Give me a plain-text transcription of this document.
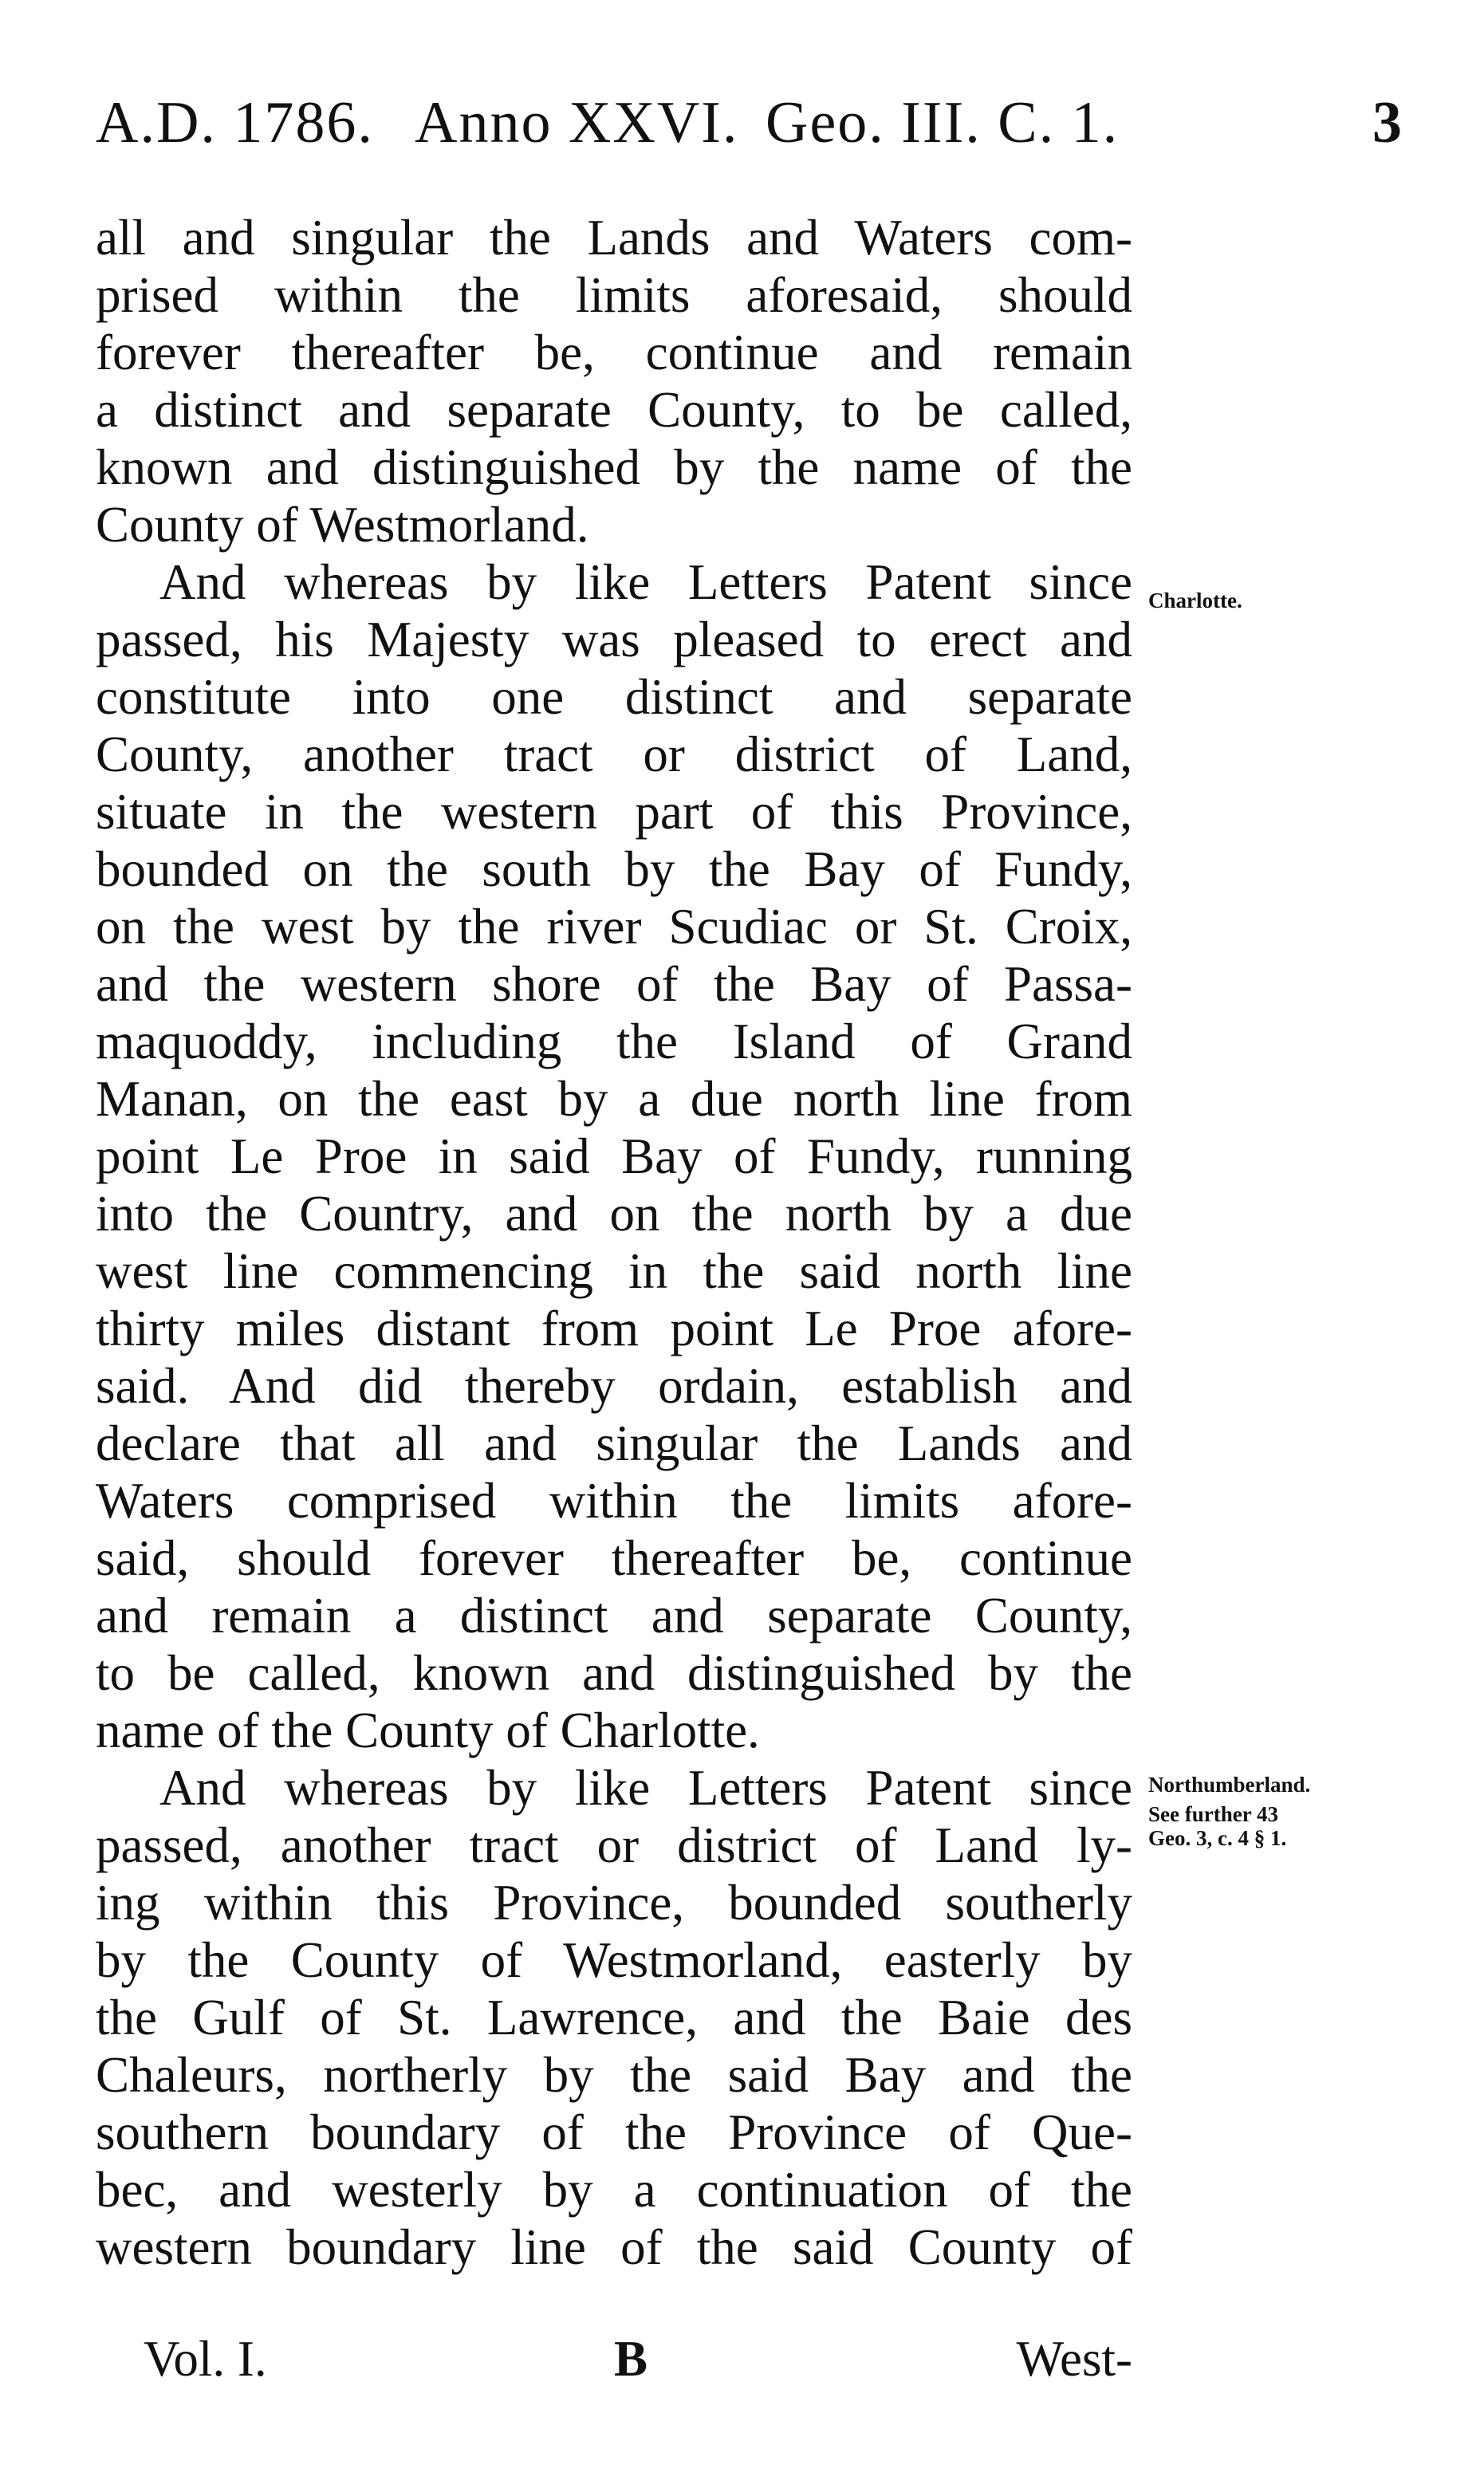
A.D. 1786. Anno XXVI. Geo. III. C. 1.	3
all and singular the Lands and Waters com-
prised within the limits aforesaid, should
forever thereafter be, continue and remain
a distinct and separate County, to be called,
known and distinguished by the name of the
County of Westmorland.
And whereas by like Letters Patent since
passed, his Majesty was pleased to erect and
constitute into one distinct and separate
County, another tract or district of Land,
situate in the western part of this Province,
bounded on the south by the Bay of Fundy,
on the west by the river Scudiac or St. Croix,
and the western shore of the Bay of Passa-
maquoddy, including the Island of Grand
Manan, on the east by a due north line from
point Le Proe in said Bay of Fundy, running
into the Country, and on the north by a due
west line commencing in the said north line
thirty miles distant from point Le Proe afore-
said. And did thereby ordain, establish and
declare that all and singular the Lands and
Waters comprised within the limits afore-
said, should forever thereafter be, continue
and remain a distinct and separate County,
to be called, known and distinguished by the
name of the County of Charlotte.
And whereas by like Letters Patent since
passed, another tract or district of Land ly-
ing within this Province, bounded southerly
by the County of Westmorland, easterly by
the Gulf of St. Lawrence, and the Baie des
Chaleurs, northerly by the said Bay and the
southern boundary of the Province of Que-
bec, and westerly by a continuation of the
western boundary line of the said County of
Charlotte.
Northumberland.
See further 43
Geo. 3, c. 4 § 1.
Vol. I.	B	West-
